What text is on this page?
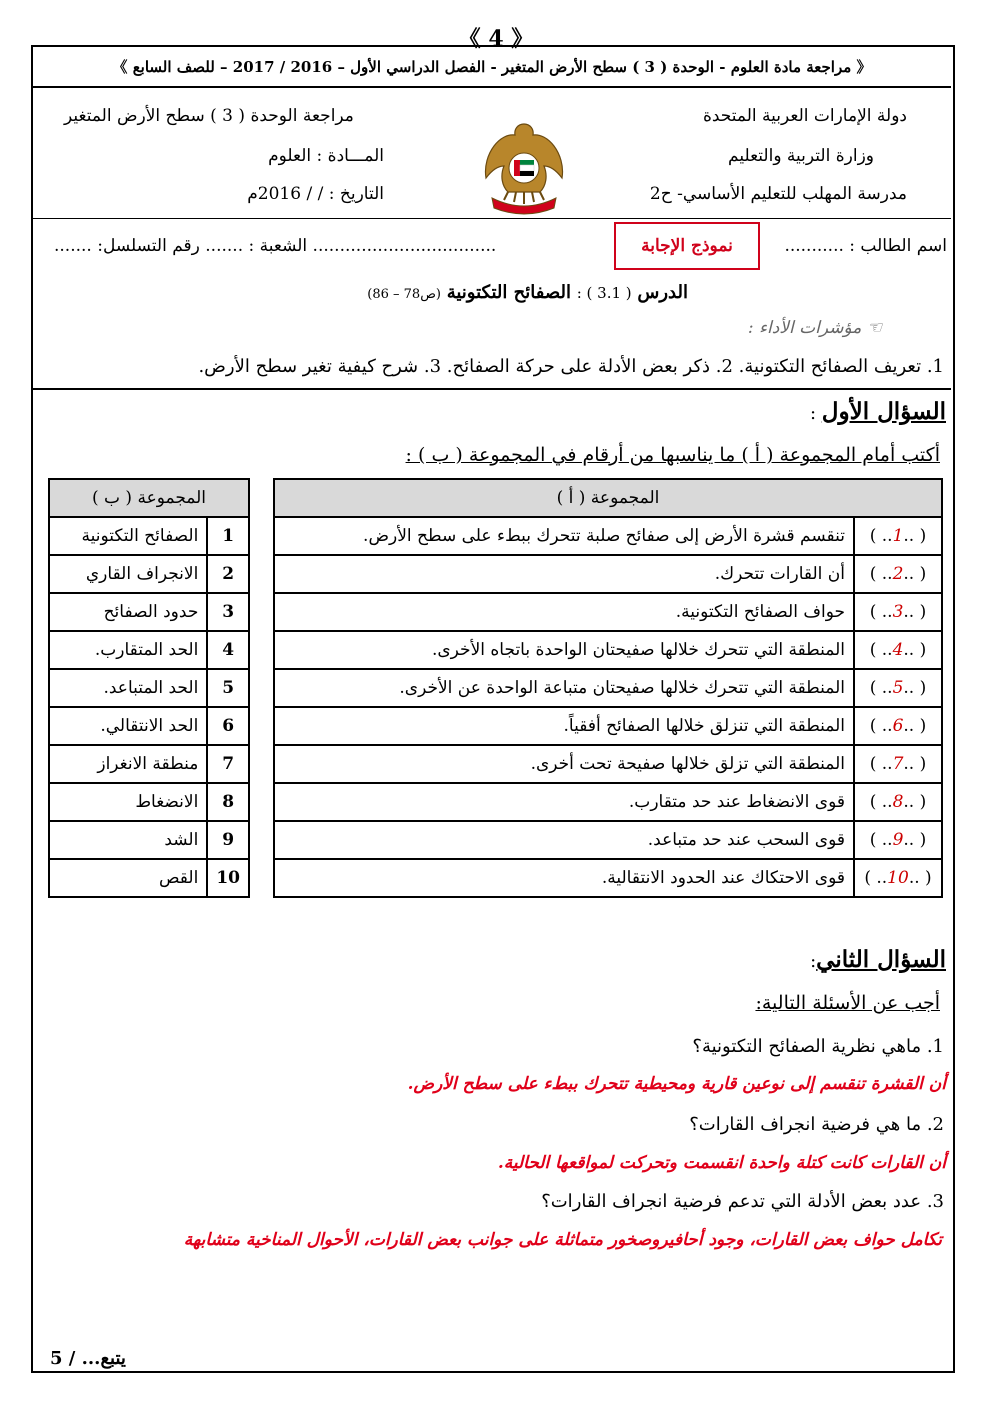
《 4 》
《 مراجعة مادة العلوم - الوحدة ( 3 ) سطح الأرض المتغير - الفصل الدراسي الأول – 2016 / 2017 – للصف السابع 》
دولة الإمارات العربية المتحدة
وزارة التربية والتعليم
مدرسة المهلب للتعليم الأساسي- ح2
مراجعة الوحدة ( 3 ) سطح الأرض المتغير
المـــادة : العلوم
التاريخ : / / 2016م
اسم الطالب : ...........
نموذج الإجابة
.................................. الشعبة : ....... رقم التسلسل: .......
الدرس ( 3.1 ) : الصفائح التكتونية (ص78 – 86)
☜ مؤشرات الأداء :
1. تعريف الصفائح التكتونية. 2. ذكر بعض الأدلة على حركة الصفائح. 3. شرح كيفية تغير سطح الأرض.
السؤال الأول :
أكتب أمام المجموعة ( أ ) ما يناسبها من أرقام في المجموعة ( ب ) :
المجموعة ( أ )	
( ..1.. )	تنقسم قشرة الأرض إلى صفائح صلبة تتحرك ببطء على سطح الأرض.
( ..2.. )	أن القارات تتحرك.
( ..3.. )	حواف الصفائح التكتونية.
( ..4.. )	المنطقة التي تتحرك خلالها صفيحتان الواحدة باتجاه الأخرى.
( ..5.. )	المنطقة التي تتحرك خلالها صفيحتان متباعة الواحدة عن الأخرى.
( ..6.. )	المنطقة التي تنزلق خلالها الصفائح أفقياً.
( ..7.. )	المنطقة التي تزلق خلالها صفيحة تحت أخرى.
( ..8.. )	قوى الانضغاط عند حد متقارب.
( ..9.. )	قوى السحب عند حد متباعد.
( ..10.. )	قوى الاحتكاك عند الحدود الانتقالية.
المجموعة ( ب )	
1	الصفائح التكتونية
2	الانجراف القاري
3	حدود الصفائح
4	الحد المتقارب.
5	الحد المتباعد.
6	الحد الانتقالي.
7	منطقة الانغراز
8	الانضغاط
9	الشد
10	القص
السؤال الثاني:
أجب عن الأسئلة التالية:
1. ماهي نظرية الصفائح التكتونية؟
أن القشرة تنقسم إلى نوعين قارية ومحيطية تتحرك ببطء على سطح الأرض.
2. ما هي فرضية انجراف القارات؟
أن القارات كانت كتلة واحدة انقسمت وتحركت لمواقعها الحالية.
3. عدد بعض الأدلة التي تدعم فرضية انجراف القارات؟
تكامل حواف بعض القارات، وجود أحافيروصخور متماثلة على جوانب بعض القارات، الأحوال المناخية متشابهة
يتبع... / 5
